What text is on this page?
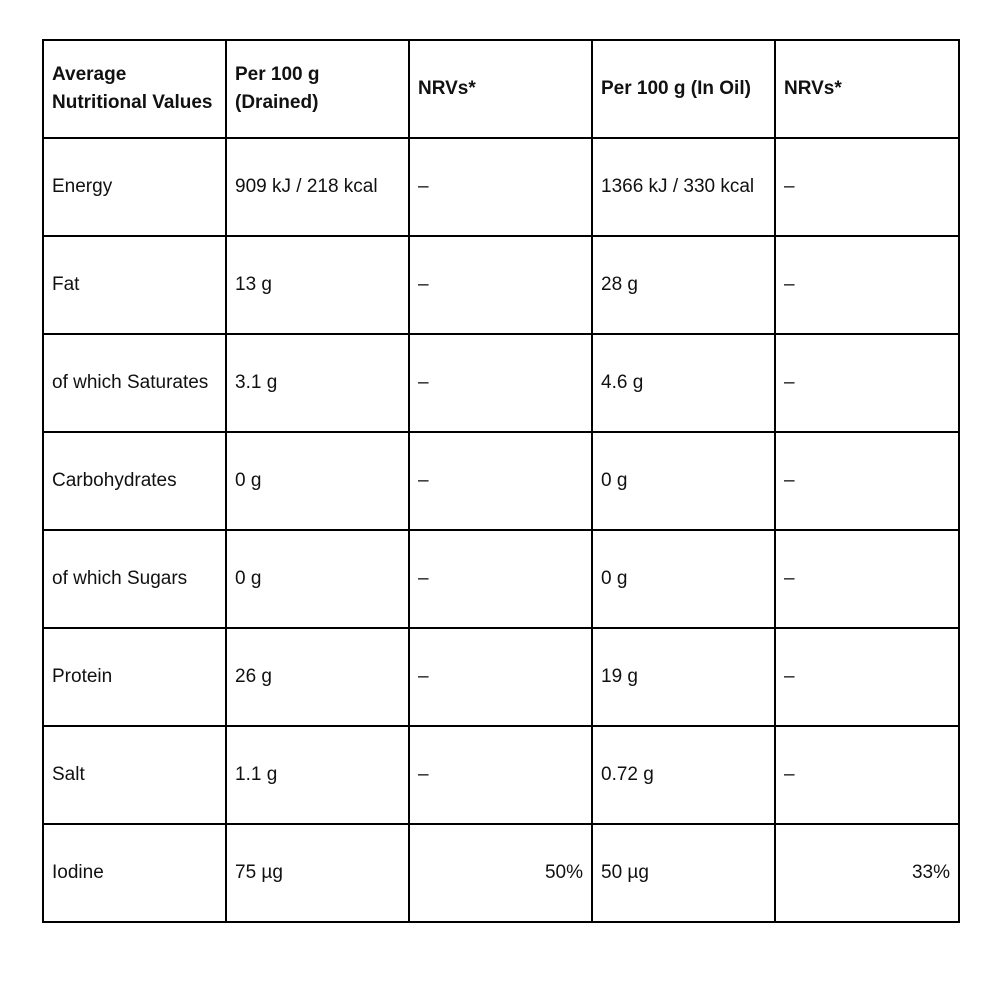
Average Nutritional Values	Per 100 g (Drained)	NRVs*	Per 100 g (In Oil)	NRVs*
Energy	909 kJ / 218 kcal	–	1366 kJ / 330 kcal	–
Fat	13 g	–	28 g	–
of which Saturates	3.1 g	–	4.6 g	–
Carbohydrates	0 g	–	0 g	–
of which Sugars	0 g	–	0 g	–
Protein	26 g	–	19 g	–
Salt	1.1 g	–	0.72 g	–
Iodine	75 µg	50%	50 µg	33%
